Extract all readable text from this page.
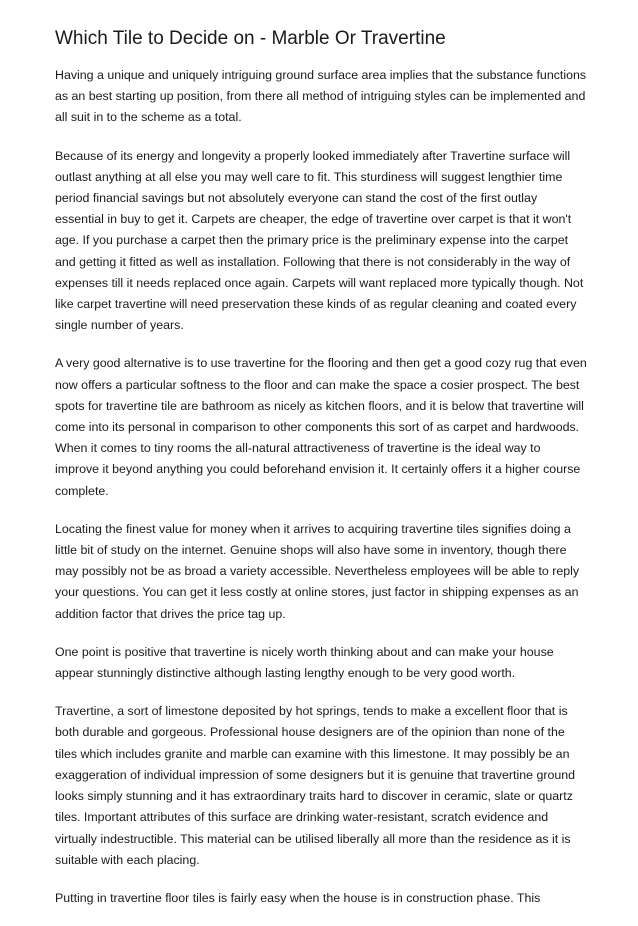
Which Tile to Decide on - Marble Or Travertine

Having a unique and uniquely intriguing ground surface area implies that the substance functions as an best starting up position, from there all method of intriguing styles can be implemented and all suit in to the scheme as a total.

Because of its energy and longevity a properly looked immediately after Travertine surface will outlast anything at all else you may well care to fit. This sturdiness will suggest lengthier time period financial savings but not absolutely everyone can stand the cost of the first outlay essential in buy to get it. Carpets are cheaper, the edge of travertine over carpet is that it won't age. If you purchase a carpet then the primary price is the preliminary expense into the carpet and getting it fitted as well as installation. Following that there is not considerably in the way of expenses till it needs replaced once again. Carpets will want replaced more typically though. Not like carpet travertine will need preservation these kinds of as regular cleaning and coated every single number of years.

A very good alternative is to use travertine for the flooring and then get a good cozy rug that even now offers a particular softness to the floor and can make the space a cosier prospect. The best spots for travertine tile are bathroom as nicely as kitchen floors, and it is below that travertine will come into its personal in comparison to other components this sort of as carpet and hardwoods. When it comes to tiny rooms the all-natural attractiveness of travertine is the ideal way to improve it beyond anything you could beforehand envision it. It certainly offers it a higher course complete.

Locating the finest value for money when it arrives to acquiring travertine tiles signifies doing a little bit of study on the internet. Genuine shops will also have some in inventory, though there may possibly not be as broad a variety accessible. Nevertheless employees will be able to reply your questions. You can get it less costly at online stores, just factor in shipping expenses as an addition factor that drives the price tag up.

One point is positive that travertine is nicely worth thinking about and can make your house appear stunningly distinctive although lasting lengthy enough to be very good worth.

Travertine, a sort of limestone deposited by hot springs, tends to make a excellent floor that is both durable and gorgeous. Professional house designers are of the opinion than none of the tiles which includes granite and marble can examine with this limestone. It may possibly be an exaggeration of individual impression of some designers but it is genuine that travertine ground looks simply stunning and it has extraordinary traits hard to discover in ceramic, slate or quartz tiles. Important attributes of this surface are drinking water-resistant, scratch evidence and virtually indestructible. This material can be utilised liberally all more than the residence as it is suitable with each placing.

Putting in travertine floor tiles is fairly easy when the house is in construction phase. This
